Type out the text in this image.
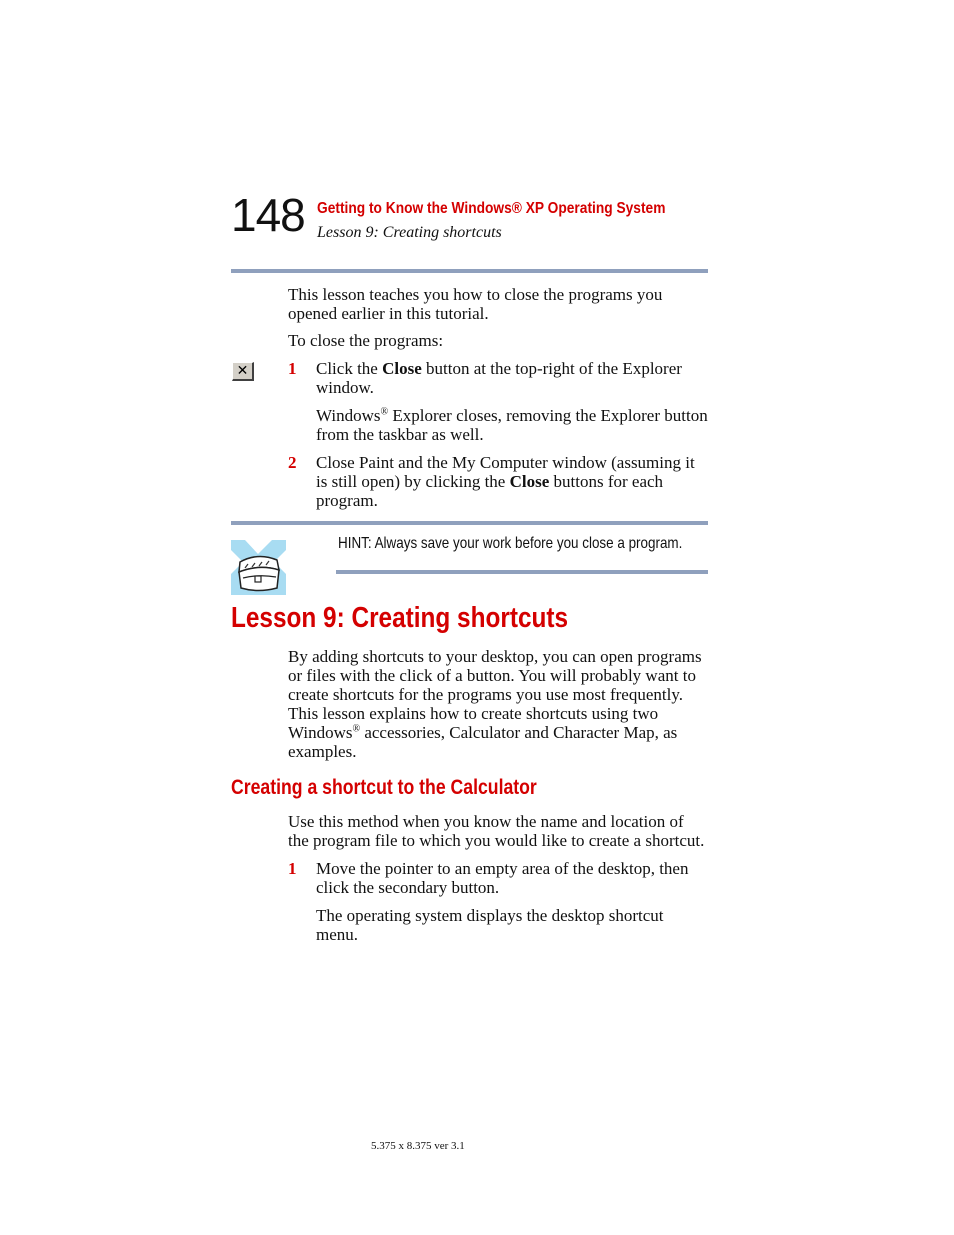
148 Getting to Know the Windows® XP Operating System
Lesson 9: Creating shortcuts
This lesson teaches you how to close the programs you opened earlier in this tutorial.
To close the programs:
✕ 1 Click the Close button at the top-right of the Explorer window.
Windows® Explorer closes, removing the Explorer button from the taskbar as well.
2 Close Paint and the My Computer window (assuming it is still open) by clicking the Close buttons for each program.
HINT: Always save your work before you close a program.
Lesson 9: Creating shortcuts
By adding shortcuts to your desktop, you can open programs or files with the click of a button. You will probably want to create shortcuts for the programs you use most frequently. This lesson explains how to create shortcuts using two Windows® accessories, Calculator and Character Map, as examples.
Creating a shortcut to the Calculator
Use this method when you know the name and location of the program file to which you would like to create a shortcut.
1 Move the pointer to an empty area of the desktop, then click the secondary button.
The operating system displays the desktop shortcut menu.
5.375 x 8.375 ver 3.1
